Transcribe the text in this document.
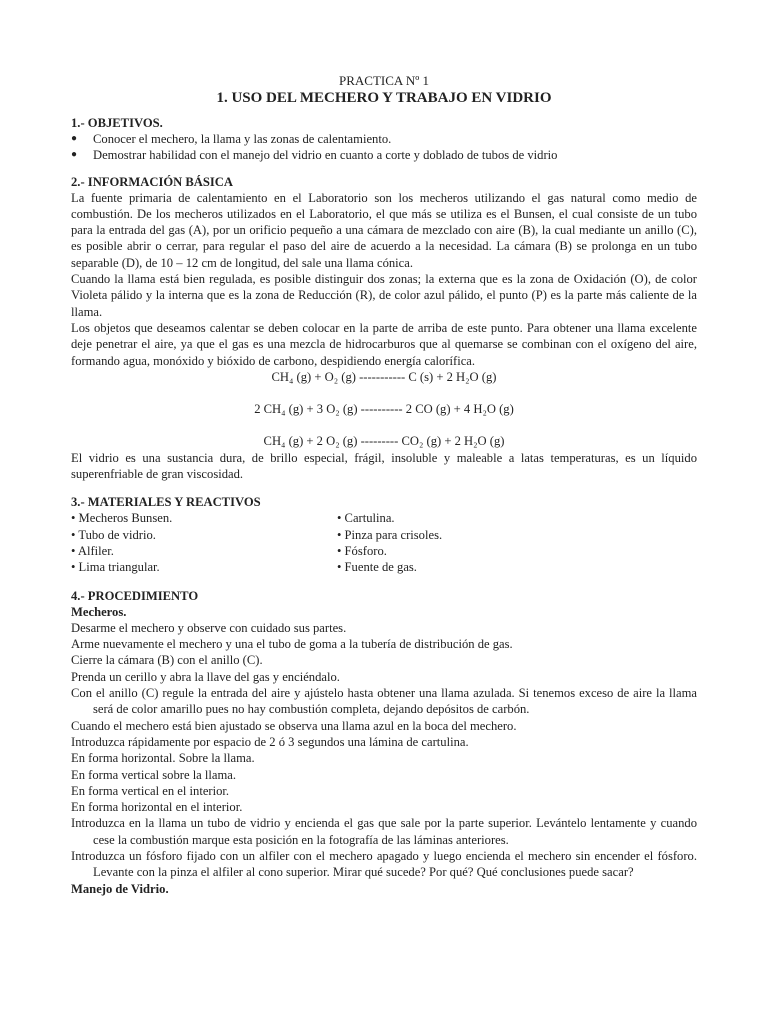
PRACTICA Nº 1
1. USO DEL MECHERO Y TRABAJO EN VIDRIO
1.- OBJETIVOS.
● Conocer el mechero, la llama y las zonas de calentamiento.
● Demostrar habilidad con el manejo del vidrio en cuanto a corte y doblado de tubos de vidrio
2.- INFORMACIÓN BÁSICA
La fuente primaria de calentamiento en el Laboratorio son los mecheros utilizando el gas natural como medio de combustión. De los mecheros utilizados en el Laboratorio, el que más se utiliza es el Bunsen, el cual consiste de un tubo para la entrada del gas (A), por un orificio pequeño a una cámara de mezclado con aire (B), la cual mediante un anillo (C), es posible abrir o cerrar, para regular el paso del aire de acuerdo a la necesidad. La cámara (B) se prolonga en un tubo separable (D), de 10 – 12 cm de longitud, del sale una llama cónica.
Cuando la llama está bien regulada, es posible distinguir dos zonas; la externa que es la zona de Oxidación (O), de color Violeta pálido y la interna que es la zona de Reducción (R), de color azul pálido, el punto (P) es la parte más caliente de la llama.
Los objetos que deseamos calentar se deben colocar en la parte de arriba de este punto. Para obtener una llama excelente deje penetrar el aire, ya que el gas es una mezcla de hidrocarburos que al quemarse se combinan con el oxígeno del aire, formando agua, monóxido y bióxido de carbono, despidiendo energía calorífica.
CH₄ (g) + O₂ (g) ----------- C (s) + 2 H₂O (g)
2 CH₄ (g) + 3 O₂ (g) ---------- 2 CO (g) + 4 H₂O (g)
CH₄ (g) + 2 O₂ (g) --------- CO₂ (g) + 2 H₂O (g)
El vidrio es una sustancia dura, de brillo especial, frágil, insoluble y maleable a latas temperaturas, es un líquido superenfriable de gran viscosidad.
3.- MATERIALES Y REACTIVOS
• Mecheros Bunsen.
• Tubo de vidrio.
• Alfiler.
• Lima triangular.
• Cartulina.
• Pinza para crisoles.
• Fósforo.
• Fuente de gas.
4.- PROCEDIMIENTO
Mecheros.
Desarme el mechero y observe con cuidado sus partes.
Arme nuevamente el mechero y una el tubo de goma a la tubería de distribución de gas.
Cierre la cámara (B) con el anillo (C).
Prenda un cerillo y abra la llave del gas y enciéndalo.
Con el anillo (C) regule la entrada del aire y ajústelo hasta obtener una llama azulada. Si tenemos exceso de aire la llama será de color amarillo pues no hay combustión completa, dejando depósitos de carbón.
Cuando el mechero está bien ajustado se observa una llama azul en la boca del mechero.
Introduzca rápidamente por espacio de 2 ó 3 segundos una lámina de cartulina.
En forma horizontal. Sobre la llama.
En forma vertical sobre la llama.
En forma vertical en el interior.
En forma horizontal en el interior.
Introduzca en la llama un tubo de vidrio y encienda el gas que sale por la parte superior. Levántelo lentamente y cuando cese la combustión marque esta posición en la fotografía de las láminas anteriores.
Introduzca un fósforo fijado con un alfiler con el mechero apagado y luego encienda el mechero sin encender el fósforo. Levante con la pinza el alfiler al cono superior. Mirar qué sucede? Por qué? Qué conclusiones puede sacar?
Manejo de Vidrio.
